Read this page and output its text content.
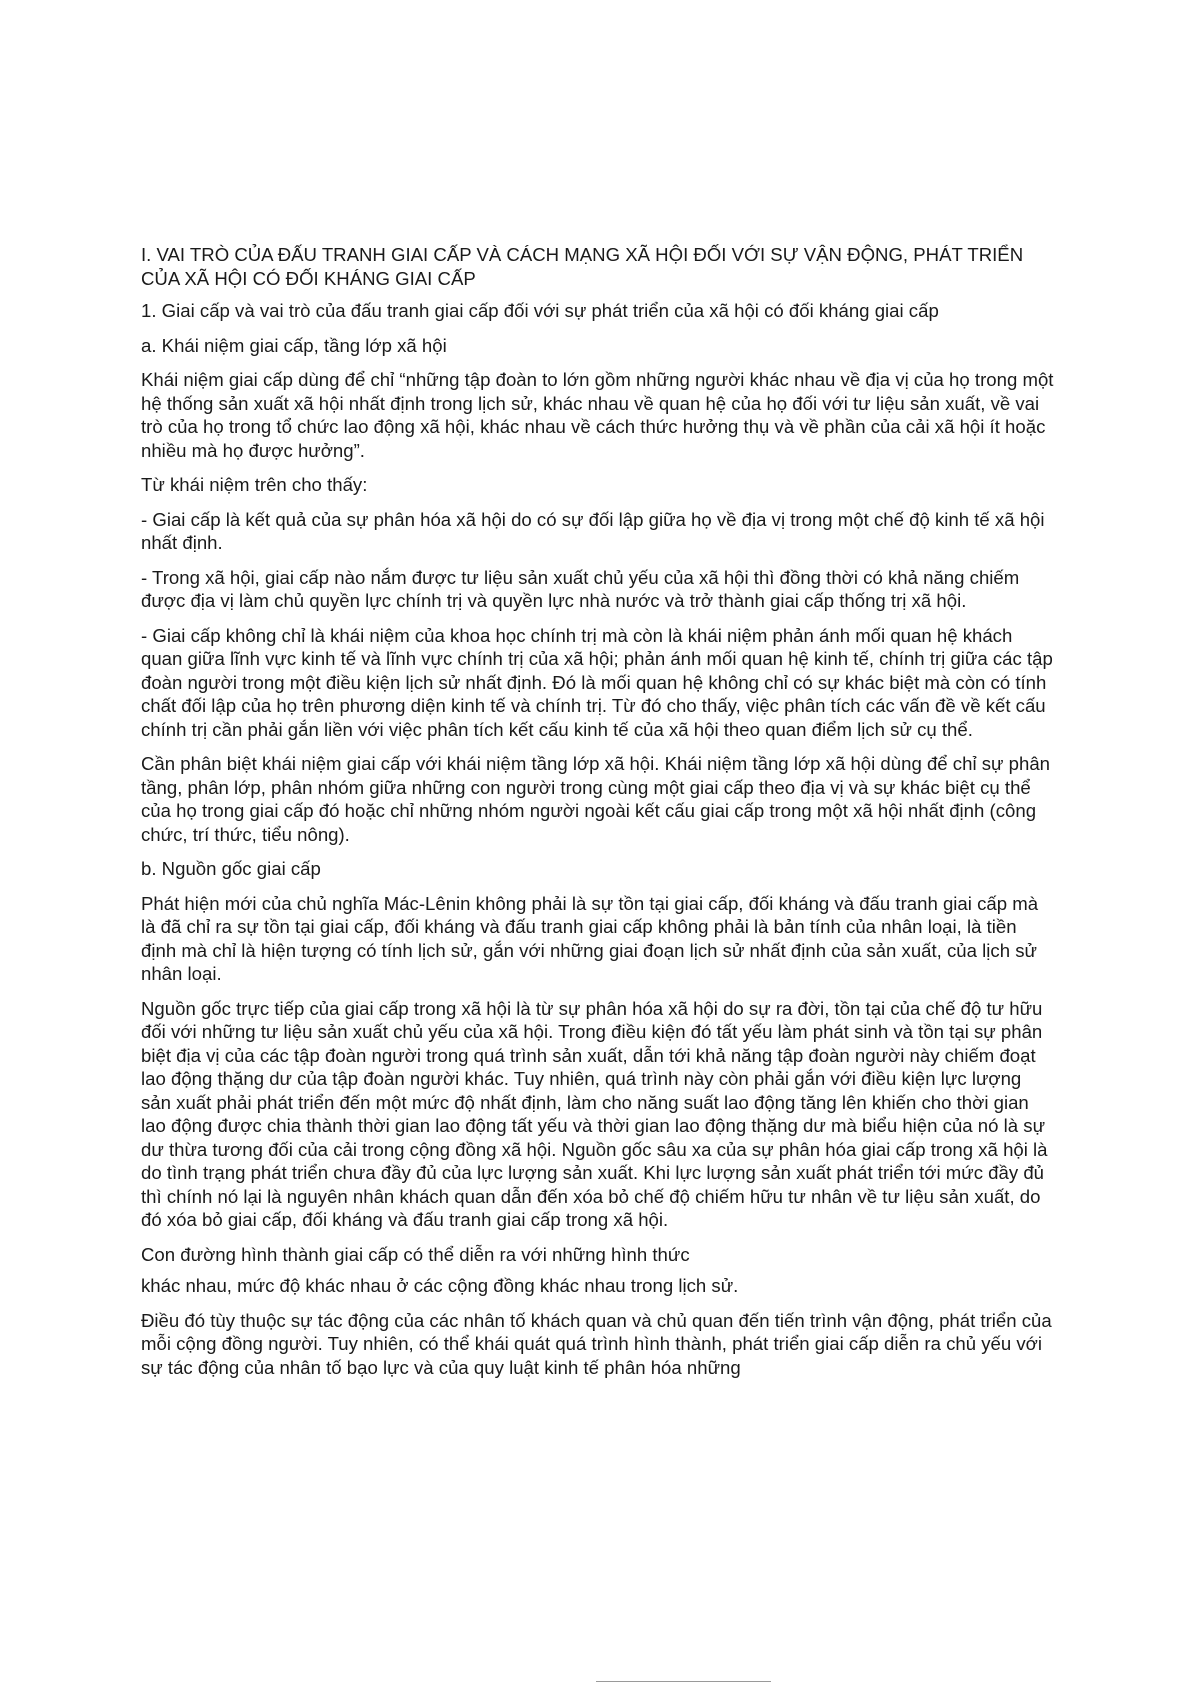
I. VAI TRÒ CỦA ĐẤU TRANH GIAI CẤP VÀ CÁCH MẠNG XÃ HỘI ĐỐI VỚI SỰ VẬN ĐỘNG, PHÁT TRIỂN CỦA XÃ HỘI CÓ ĐỐI KHÁNG GIAI CẤP

1. Giai cấp và vai trò của đấu tranh giai cấp đối với sự phát triển của xã hội có đối kháng giai cấp

a. Khái niệm giai cấp, tầng lớp xã hội

Khái niệm giai cấp dùng để chỉ “những tập đoàn to lớn gồm những người khác nhau về địa vị của họ trong một hệ thống sản xuất xã hội nhất định trong lịch sử, khác nhau về quan hệ của họ đối với tư liệu sản xuất, về vai trò của họ trong tổ chức lao động xã hội, khác nhau về cách thức hưởng thụ và về phần của cải xã hội ít hoặc nhiều mà họ được hưởng”.

Từ khái niệm trên cho thấy:

- Giai cấp là kết quả của sự phân hóa xã hội do có sự đối lập giữa họ về địa vị trong một chế độ kinh tế xã hội nhất định.

- Trong xã hội, giai cấp nào nắm được tư liệu sản xuất chủ yếu của xã hội thì đồng thời có khả năng chiếm được địa vị làm chủ quyền lực chính trị và quyền lực nhà nước và trở thành giai cấp thống trị xã hội.

- Giai cấp không chỉ là khái niệm của khoa học chính trị mà còn là khái niệm phản ánh mối quan hệ khách quan giữa lĩnh vực kinh tế và lĩnh vực chính trị của xã hội; phản ánh mối quan hệ kinh tế, chính trị giữa các tập đoàn người trong một điều kiện lịch sử nhất định. Đó là mối quan hệ không chỉ có sự khác biệt mà còn có tính chất đối lập của họ trên phương diện kinh tế và chính trị. Từ đó cho thấy, việc phân tích các vấn đề về kết cấu chính trị cần phải gắn liền với việc phân tích kết cấu kinh tế của xã hội theo quan điểm lịch sử cụ thể.

Cần phân biệt khái niệm giai cấp với khái niệm tầng lớp xã hội. Khái niệm tầng lớp xã hội dùng để chỉ sự phân tầng, phân lớp, phân nhóm giữa những con người trong cùng một giai cấp theo địa vị và sự khác biệt cụ thể của họ trong giai cấp đó hoặc chỉ những nhóm người ngoài kết cấu giai cấp trong một xã hội nhất định (công chức, trí thức, tiểu nông).

b. Nguồn gốc giai cấp

Phát hiện mới của chủ nghĩa Mác-Lênin không phải là sự tồn tại giai cấp, đối kháng và đấu tranh giai cấp mà là đã chỉ ra sự tồn tại giai cấp, đối kháng và đấu tranh giai cấp không phải là bản tính của nhân loại, là tiền định mà chỉ là hiện tượng có tính lịch sử, gắn với những giai đoạn lịch sử nhất định của sản xuất, của lịch sử nhân loại.

Nguồn gốc trực tiếp của giai cấp trong xã hội là từ sự phân hóa xã hội do sự ra đời, tồn tại của chế độ tư hữu đối với những tư liệu sản xuất chủ yếu của xã hội. Trong điều kiện đó tất yếu làm phát sinh và tồn tại sự phân biệt địa vị của các tập đoàn người trong quá trình sản xuất, dẫn tới khả năng tập đoàn người này chiếm đoạt lao động thặng dư của tập đoàn người khác. Tuy nhiên, quá trình này còn phải gắn với điều kiện lực lượng sản xuất phải phát triển đến một mức độ nhất định, làm cho năng suất lao động tăng lên khiến cho thời gian lao động được chia thành thời gian lao động tất yếu và thời gian lao động thặng dư mà biểu hiện của nó là sự dư thừa tương đối của cải trong cộng đồng xã hội. Nguồn gốc sâu xa của sự phân hóa giai cấp trong xã hội là do tình trạng phát triển chưa đầy đủ của lực lượng sản xuất. Khi lực lượng sản xuất phát triển tới mức đầy đủ thì chính nó lại là nguyên nhân khách quan dẫn đến xóa bỏ chế độ chiếm hữu tư nhân về tư liệu sản xuất, do đó xóa bỏ giai cấp, đối kháng và đấu tranh giai cấp trong xã hội.

Con đường hình thành giai cấp có thể diễn ra với những hình thức

khác nhau, mức độ khác nhau ở các cộng đồng khác nhau trong lịch sử.

Điều đó tùy thuộc sự tác động của các nhân tố khách quan và chủ quan đến tiến trình vận động, phát triển của mỗi cộng đồng người. Tuy nhiên, có thể khái quát quá trình hình thành, phát triển giai cấp diễn ra chủ yếu với sự tác động của nhân tố bạo lực và của quy luật kinh tế phân hóa những
